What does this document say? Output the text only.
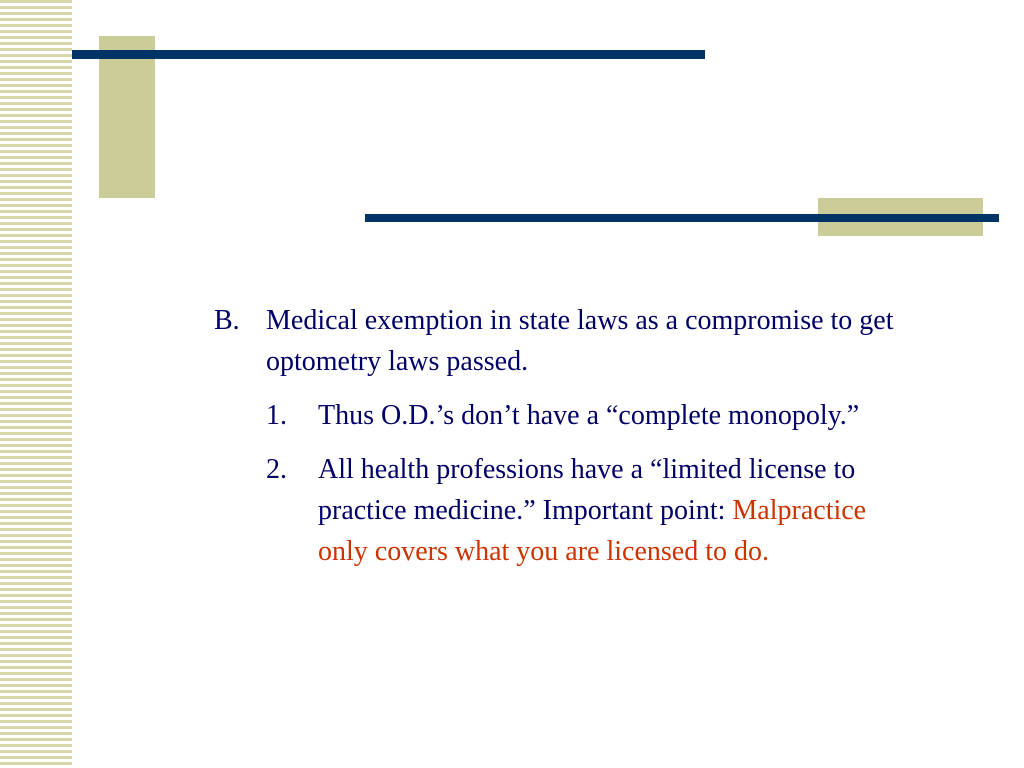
B. Medical exemption in state laws as a compromise to get optometry laws passed.
1.	Thus O.D.’s don’t have a “complete monopoly.”
2.	All health professions have a “limited license to practice medicine.” Important point: Malpractice only covers what you are licensed to do.
